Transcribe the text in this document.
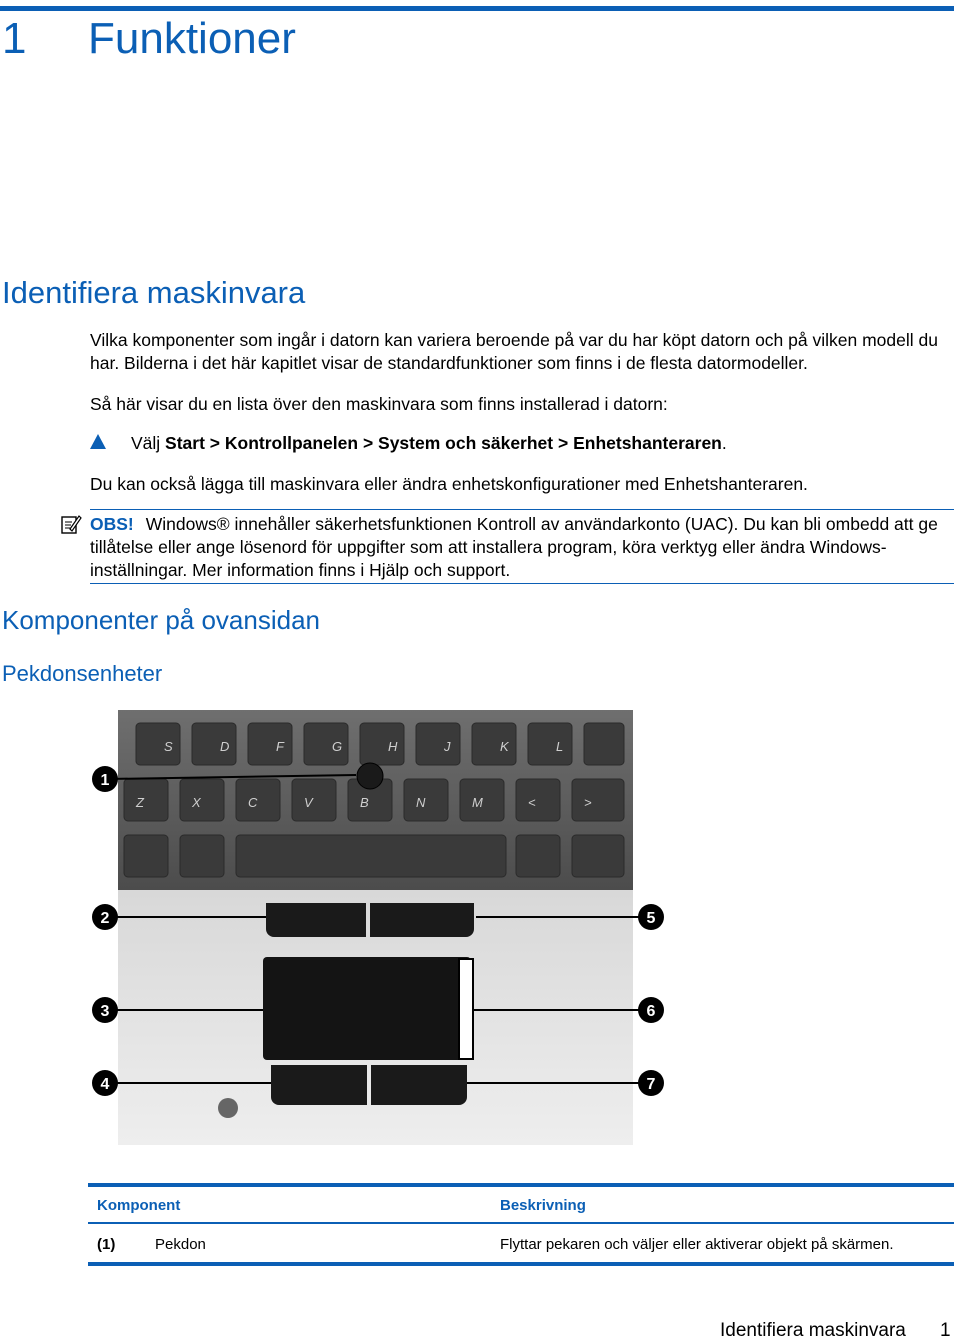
1 Funktioner
Identifiera maskinvara
Vilka komponenter som ingår i datorn kan variera beroende på var du har köpt datorn och på vilken modell du har. Bilderna i det här kapitlet visar de standardfunktioner som finns i de flesta datormodeller.
Så här visar du en lista över den maskinvara som finns installerad i datorn:
Välj Start > Kontrollpanelen > System och säkerhet > Enhetshanteraren.
Du kan också lägga till maskinvara eller ändra enhetskonfigurationer med Enhetshanteraren.
OBS! Windows® innehåller säkerhetsfunktionen Kontroll av användarkonto (UAC). Du kan bli ombedd att ge tillåtelse eller ange lösenord för uppgifter som att installera program, köra verktyg eller ändra Windows-inställningar. Mer information finns i Hjälp och support.
Komponenter på ovansidan
Pekdonsenheter
S	D	F	G	H	J	K	L
Z	X	C	V	B	N	M	<	>
1
2
3
4
5
6
7
Komponent	Beskrivning
(1)	Pekdon	Flyttar pekaren och väljer eller aktiverar objekt på skärmen.
Identifiera maskinvara 1
